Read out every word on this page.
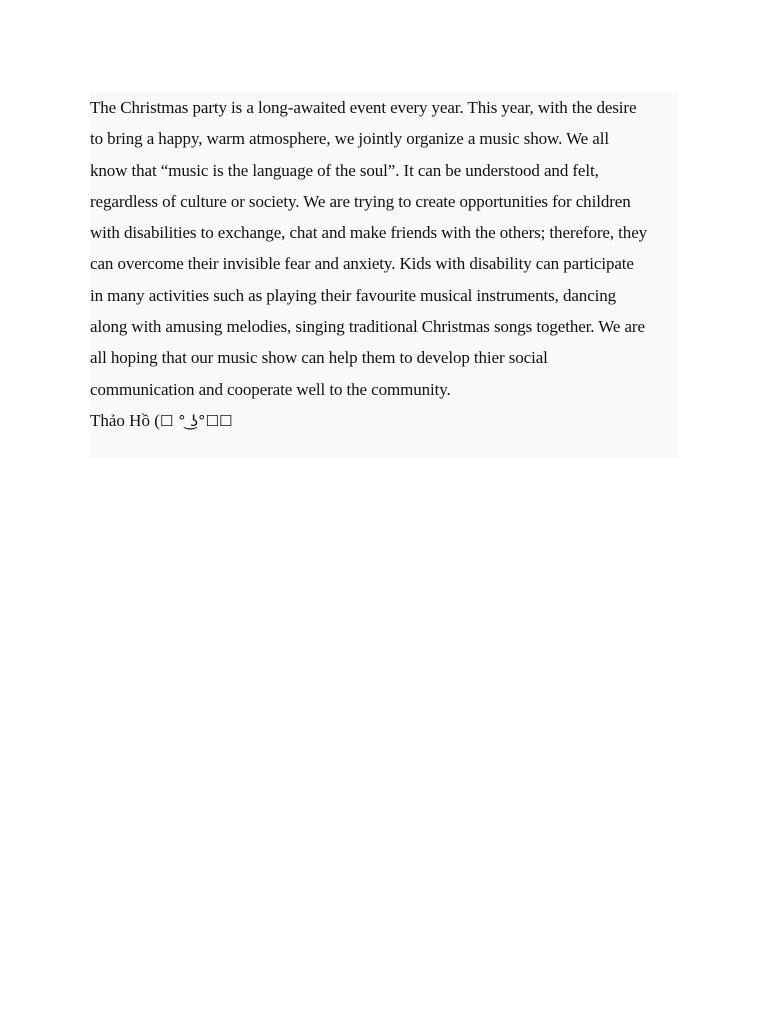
The Christmas party is a long-awaited event every year. This year, with the desire
to bring a happy, warm atmosphere, we jointly organize a music show. We all
know that “music is the language of the soul”. It can be understood and felt,
regardless of culture or society. We are trying to create opportunities for children
with disabilities to exchange, chat and make friends with the others; therefore, they
can overcome their invisible fear and anxiety. Kids with disability can participate
in many activities such as playing their favourite musical instruments, dancing
along with amusing melodies, singing traditional Christmas songs together. We are
all hoping that our music show can help them to develop thier social
communication and cooperate well to the community.

Thảo Hồ (☐ ° ͜ʖ°☐☐
